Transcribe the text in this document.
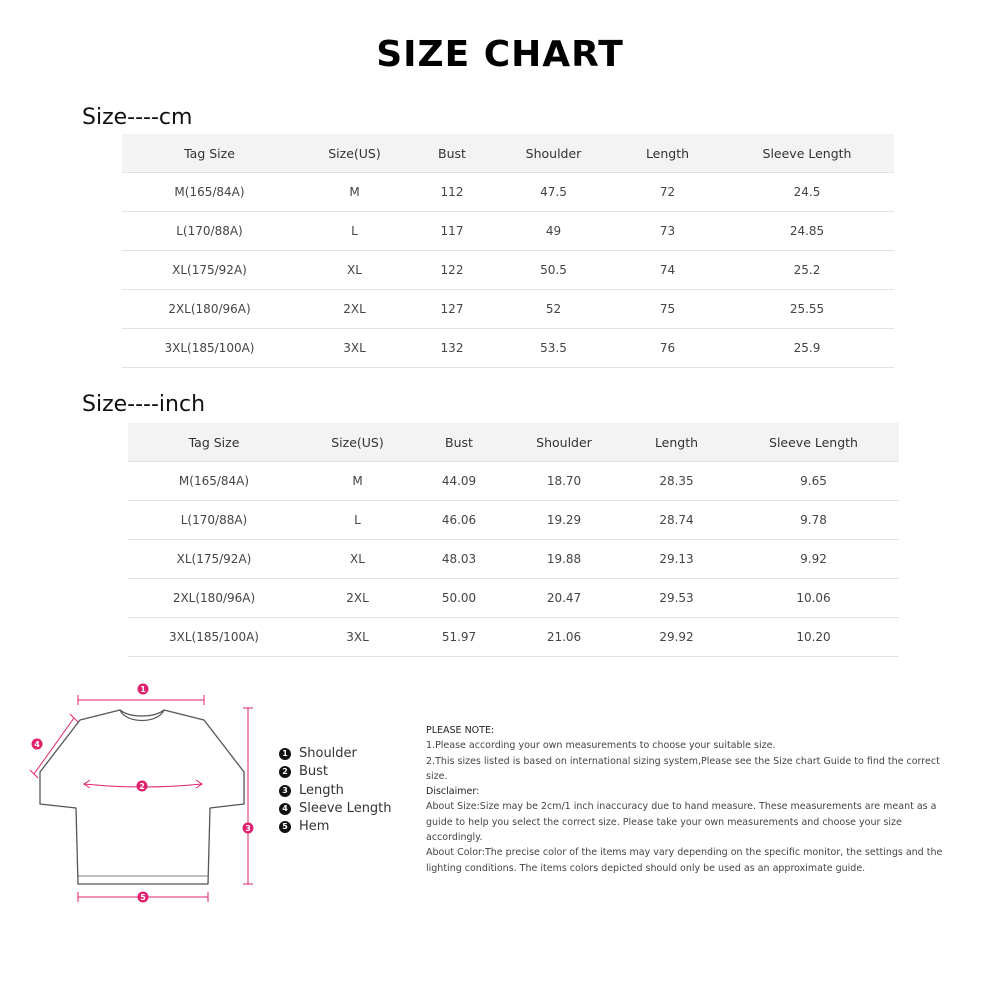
SIZE CHART
Size----cm
Tag Size	Size(US)	Bust	Shoulder	Length	Sleeve Length
M(165/84A)	M	112	47.5	72	24.5
L(170/88A)	L	117	49	73	24.85
XL(175/92A)	XL	122	50.5	74	25.2
2XL(180/96A)	2XL	127	52	75	25.55
3XL(185/100A)	3XL	132	53.5	76	25.9
Size----inch
Tag Size	Size(US)	Bust	Shoulder	Length	Sleeve Length
M(165/84A)	M	44.09	18.70	28.35	9.65
L(170/88A)	L	46.06	19.29	28.74	9.78
XL(175/92A)	XL	48.03	19.88	29.13	9.92
2XL(180/96A)	2XL	50.00	20.47	29.53	10.06
3XL(185/100A)	3XL	51.97	21.06	29.92	10.20
1
2
3
4
5
1 Shoulder
2 Bust
3 Length
4 Sleeve Length
5 Hem

PLEASE NOTE:

1.Please according your own measurements to choose your suitable size.

2.This sizes listed is based on international sizing system,Please see the Size chart Guide to find the correct size.

Disclaimer:

About Size:Size may be 2cm/1 inch inaccuracy due to hand measure. These measurements are meant as a guide to help you select the correct size. Please take your own measurements and choose your size accordingly.

About Color:The precise color of the items may vary depending on the specific monitor, the settings and the lighting conditions. The items colors depicted should only be used as an approximate guide.
